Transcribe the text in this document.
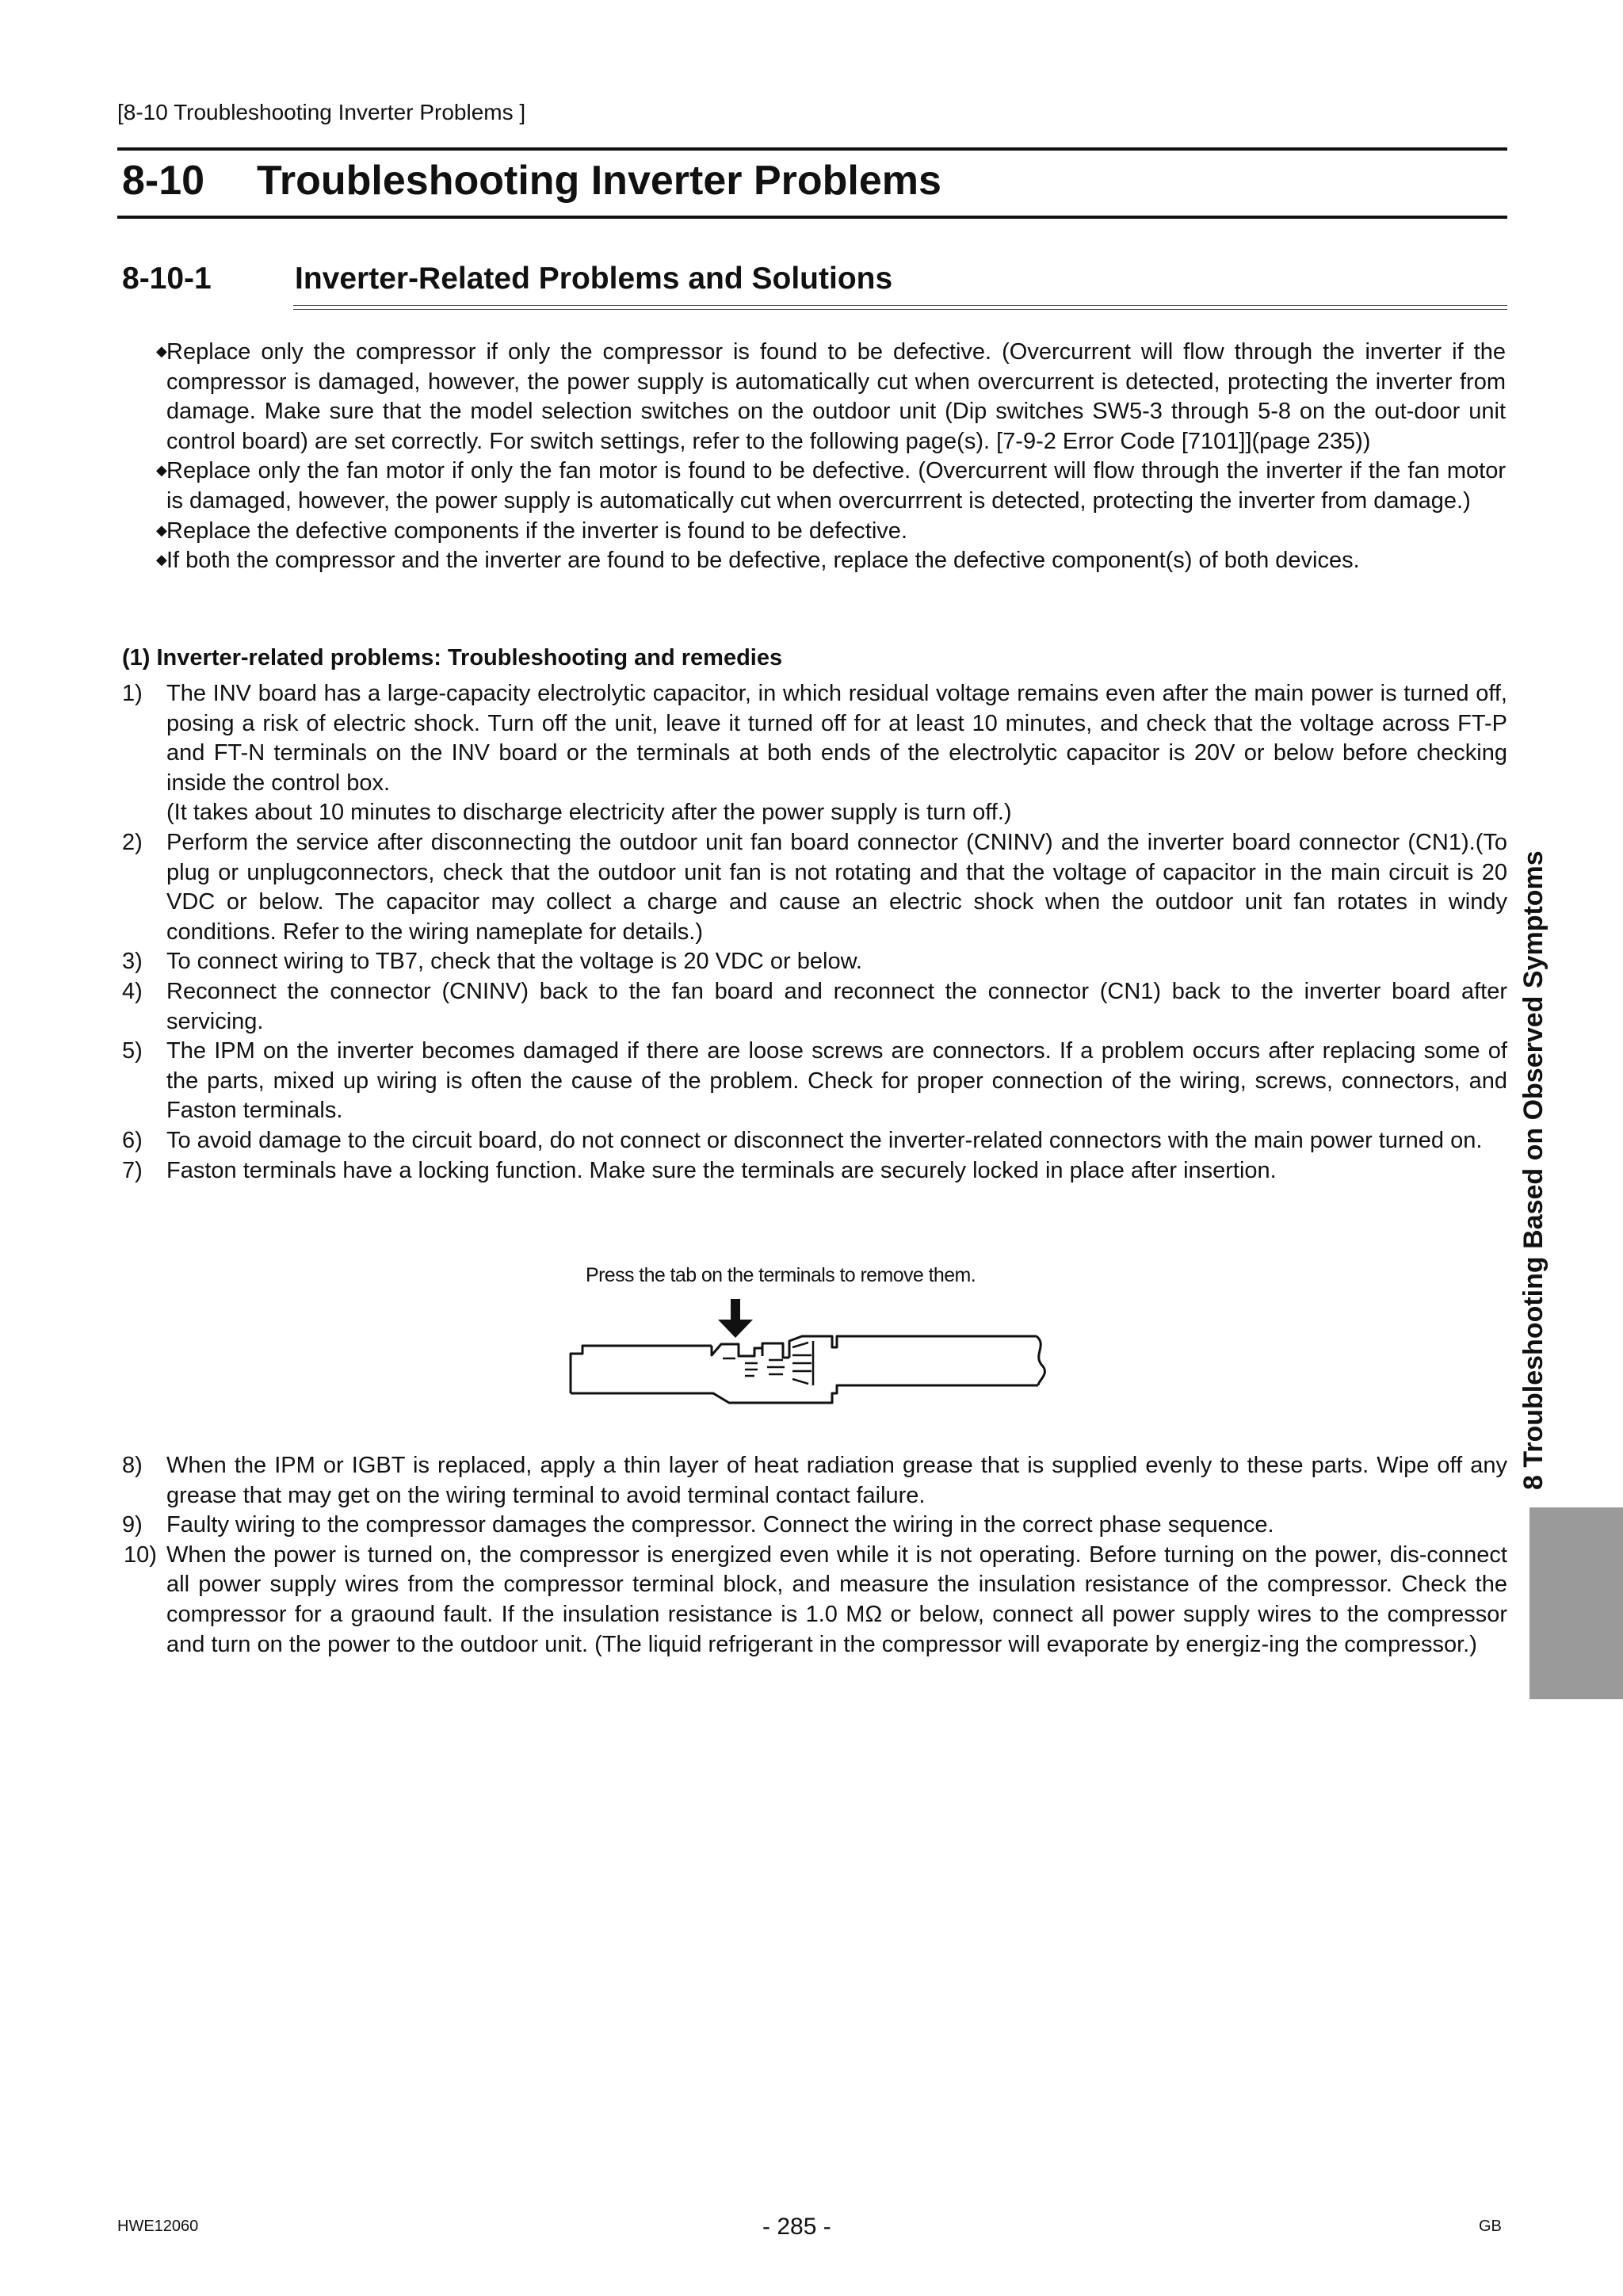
[8-10 Troubleshooting Inverter Problems ]
8-10 Troubleshooting Inverter Problems
8-10-1	Inverter-Related Problems and Solutions
◆ Replace only the compressor if only the compressor is found to be defective. (Overcurrent will flow through the inverter if the compressor is damaged, however, the power supply is automatically cut when overcurrent is detected, protecting the inverter from damage. Make sure that the model selection switches on the outdoor unit (Dip switches SW5-3 through 5-8 on the out-door unit control board) are set correctly. For switch settings, refer to the following page(s). [7-9-2 Error Code [7101]](page 235))
◆ Replace only the fan motor if only the fan motor is found to be defective. (Overcurrent will flow through the inverter if the fan motor is damaged, however, the power supply is automatically cut when overcurrrent is detected, protecting the inverter from damage.)
◆ Replace the defective components if the inverter is found to be defective.
◆ If both the compressor and the inverter are found to be defective, replace the defective component(s) of both devices.
(1) Inverter-related problems: Troubleshooting and remedies
1) The INV board has a large-capacity electrolytic capacitor, in which residual voltage remains even after the main power is turned off, posing a risk of electric shock. Turn off the unit, leave it turned off for at least 10 minutes, and check that the voltage across FT-P and FT-N terminals on the INV board or the terminals at both ends of the electrolytic capacitor is 20V or below before checking inside the control box.
(It takes about 10 minutes to discharge electricity after the power supply is turn off.)
2) Perform the service after disconnecting the outdoor unit fan board connector (CNINV) and the inverter board connector (CN1).(To plug or unplugconnectors, check that the outdoor unit fan is not rotating and that the voltage of capacitor in the main circuit is 20 VDC or below. The capacitor may collect a charge and cause an electric shock when the outdoor unit fan rotates in windy conditions. Refer to the wiring nameplate for details.)
3) To connect wiring to TB7, check that the voltage is 20 VDC or below.
4) Reconnect the connector (CNINV) back to the fan board and reconnect the connector (CN1) back to the inverter board after servicing.
5) The IPM on the inverter becomes damaged if there are loose screws are connectors. If a problem occurs after replacing some of the parts, mixed up wiring is often the cause of the problem. Check for proper connection of the wiring, screws, connectors, and Faston terminals.
6) To avoid damage to the circuit board, do not connect or disconnect the inverter-related connectors with the main power turned on.
7) Faston terminals have a locking function. Make sure the terminals are securely locked in place after insertion.
Press the tab on the terminals to remove them.
8) When the IPM or IGBT is replaced, apply a thin layer of heat radiation grease that is supplied evenly to these parts. Wipe off any grease that may get on the wiring terminal to avoid terminal contact failure.
9) Faulty wiring to the compressor damages the compressor. Connect the wiring in the correct phase sequence.
10) When the power is turned on, the compressor is energized even while it is not operating. Before turning on the power, dis-connect all power supply wires from the compressor terminal block, and measure the insulation resistance of the compressor. Check the compressor for a graound fault. If the insulation resistance is 1.0 MΩ or below, connect all power supply wires to the compressor and turn on the power to the outdoor unit. (The liquid refrigerant in the compressor will evaporate by energiz-ing the compressor.)
8 Troubleshooting Based on Observed Symptoms
HWE12060	- 285 -	GB
